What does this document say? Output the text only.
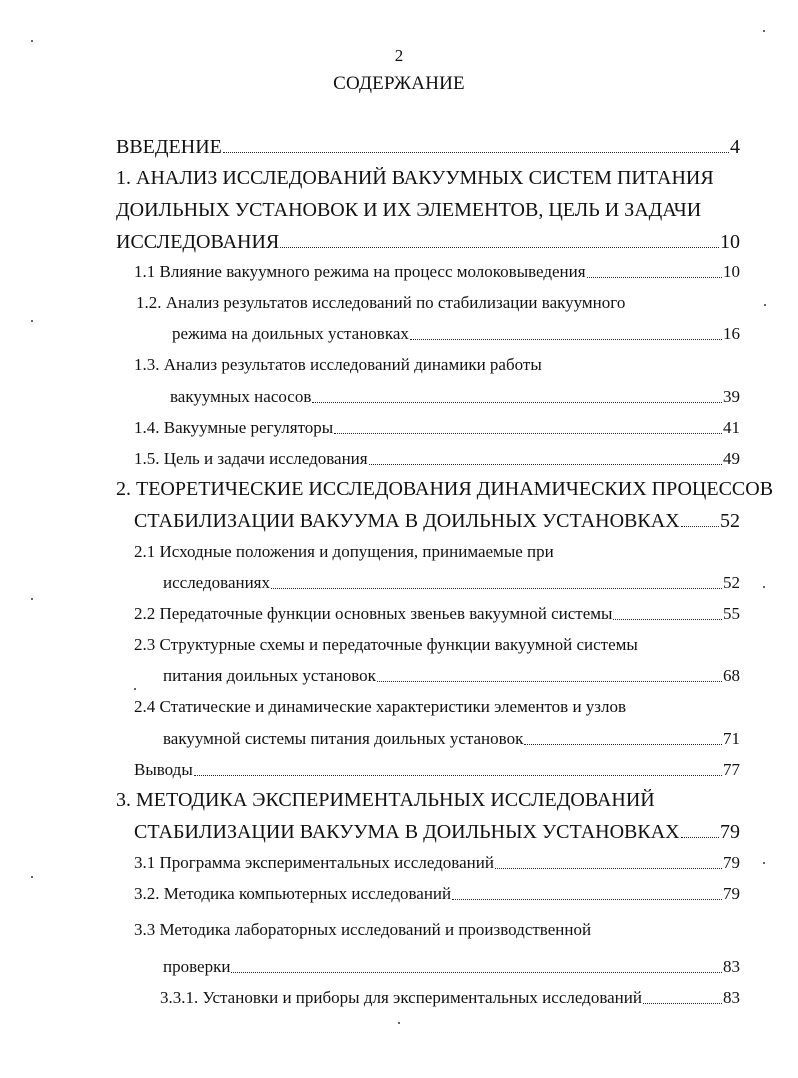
2
СОДЕРЖАНИЕ
ВВЕДЕНИЕ	4
1. АНАЛИЗ ИССЛЕДОВАНИЙ ВАКУУМНЫХ СИСТЕМ ПИТАНИЯ
ДОИЛЬНЫХ УСТАНОВОК И ИХ ЭЛЕМЕНТОВ, ЦЕЛЬ И ЗАДАЧИ
ИССЛЕДОВАНИЯ	10
1.1 Влияние вакуумного режима на процесс молоковыведения	10
1.2. Анализ результатов исследований по стабилизации вакуумного
режима на доильных установках	16
1.3. Анализ результатов исследований динамики работы
вакуумных насосов	39
1.4. Вакуумные регуляторы	41
1.5. Цель и задачи исследования	49
2. ТЕОРЕТИЧЕСКИЕ ИССЛЕДОВАНИЯ ДИНАМИЧЕСКИХ ПРОЦЕССОВ
СТАБИЛИЗАЦИИ ВАКУУМА В ДОИЛЬНЫХ УСТАНОВКАХ 52
2.1 Исходные положения и допущения, принимаемые при
исследованиях	52
2.2 Передаточные функции основных звеньев вакуумной системы	55
2.3 Структурные схемы и передаточные функции вакуумной системы
питания доильных установок	68
2.4 Статические и динамические характеристики элементов и узлов
вакуумной системы питания доильных установок	71
Выводы	77
3. МЕТОДИКА ЭКСПЕРИМЕНТАЛЬНЫХ ИССЛЕДОВАНИЙ
СТАБИЛИЗАЦИИ ВАКУУМА В ДОИЛЬНЫХ УСТАНОВКАХ 79
3.1 Программа экспериментальных исследований	79
3.2. Методика компьютерных исследований	79
3.3 Методика лабораторных исследований и производственной
проверки	83
3.3.1. Установки и приборы для экспериментальных исследований	83
